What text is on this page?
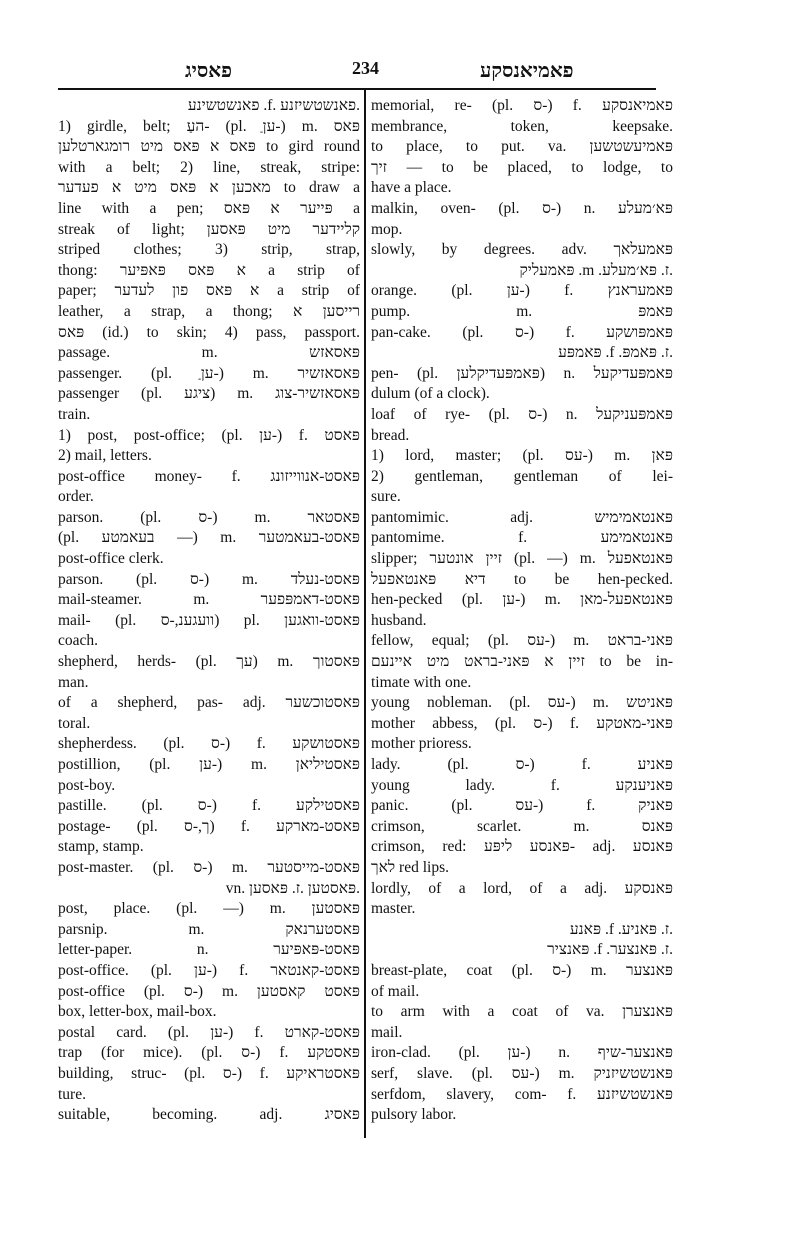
פאסיג	234	פאמיאנסקע
פאנשטשינע .f. פאנשטשיזנע.
1) girdle, belt; העַ- (pl. עןַ-) m. פּאס
פּאס א פּאס מיט רומגארטלען to gird round
with a belt; 2) line, streak, stripe:
מאכען א פּאס מיט א פעדער to draw a
line with a pen; פּייער א פּאס a
streak of light; קליידער מיט פּאסען
striped clothes; 3) strip, strap,
thong: א פּאס פּאפּיער a strip of
paper; א פּאס פון לעדער a strip of
leather, a strap, a thong; רייסען א
פּאס (id.) to skin; 4) pass, passport.
passage. m. פּאסאזש
passenger. (pl. עןַ-) m. פּאסאזשיר
passenger (pl. ציגע) m. פּאסאזשיר-צוג
train.
1) post, post-office; (pl. ען-) f. פּאסט
2) mail, letters.
post-office money- f. פּאסט-אנווייזונג
order.
parson. (pl. ס-) m. פּאסטאר
(pl. בעאמטע —) m. פּאסט-בעאמטער
post-office clerk.
parson. (pl. ס-) m. פּאסט-נעלד
mail-steamer. m. פּאסט-דאמפּפער
mail- (pl. וועגענ,-ס) pl. פּאסט-וואגען
coach.
shepherd, herds- (pl. עך) m. פּאסטוך
man.
of a shepherd, pas- adj. פּאסטוכשער
toral.
shepherdess. (pl. ס-) f. פּאסטושקע
postillion, (pl. ען-) m. פּאסטיליאן
post-boy.
pastille. (pl. ס-) f. פּאסטילקע
postage- (pl. ך,-ס) f. פּאסט-מארקע
stamp, stamp.
post-master. (pl. ס-) m. פּאסט-מייסטער
vn. פּאסטען .ז. פּאסען.
post, place. (pl. —) m. פּאסטען
parsnip. m. פּאסטערנאק
letter-paper. n. פּאסט-פּאפּיער
post-office. (pl. ען-) f. פּאסט-קאנטאר
post-office (pl. ס-) m. פּאסט קאסטען
box, letter-box, mail-box.
postal card. (pl. ען-) f. פּאסט-קארט
trap (for mice). (pl. ס-) f. פּאסטקע
building, struc- (pl. ס-) f. פּאסטראיקע
ture.
suitable, becoming. adj. פּאסיג
memorial, re- (pl. ס-) f. פאמיאנסקע
membrance, token, keepsake.
to place, to put. va. פּאמיעשטשען
זיך — to be placed, to lodge, to
have a place.
malkin, oven- (pl. ס-) n. פּא׳מעלע
mop.
slowly, by degrees. adv. פּאמעלאך
פּאמעליק .m .ז. פּא׳מעלע.
orange. (pl. ען-) f. פּאמעראנץ
pump. m. פּאמפּ
pan-cake. (pl. ס-) f. פּאמפּושקע
פּאמפּע .f .ז. פּאמפּ.
pen- (pl. פּאמפּעדיקלען) n. פּאמפּעדיקעל
dulum (of a clock).
loaf of rye- (pl. ס-) n. פּאמפּעניקעל
bread.
1) lord, master; (pl. עס-) m. פּאן
2) gentleman, gentleman of lei-
sure.
pantomimic. adj. פּאנטאמימיש
pantomime. f. פּאנטאמימע
slipper; זיין אונטער (pl. —) m. פּאנטאפעל
דיא פּאנטאפעל to be hen-pecked.
hen-pecked (pl. ען-) m. פּאנטאפעל-מאן
husband.
fellow, equal; (pl. עס-) m. פּאני-בראט
זיין א פּאני-בראט מיט איינעם to be in-
timate with one.
young nobleman. (pl. עס-) m. פּאניטש
mother abbess, (pl. ס-) f. פּאני-מאטקע
mother prioress.
lady. (pl. ס-) f. פּאניע
young lady. f. פּאניענקע
panic. (pl. עס-) f. פּאניק
crimson, scarlet. m. פּאנס
crimson, red: פּאנסע ליפּע- adj. פּאנסע
לאך red lips.
lordly, of a lord, of a adj. פּאנסקע
master.
פּאנע .f .ז. פּאניע.
פּאנציר .f .ז. פּאנצער.
breast-plate, coat (pl. ס-) m. פּאנצער
of mail.
to arm with a coat of va. פּאנצערן
mail.
iron-clad. (pl. ען-) n. פּאנצער-שיף
serf, slave. (pl. עס-) m. פּאנשטשיזניק
serfdom, slavery, com- f. פּאנשטשיזנע
pulsory labor.
